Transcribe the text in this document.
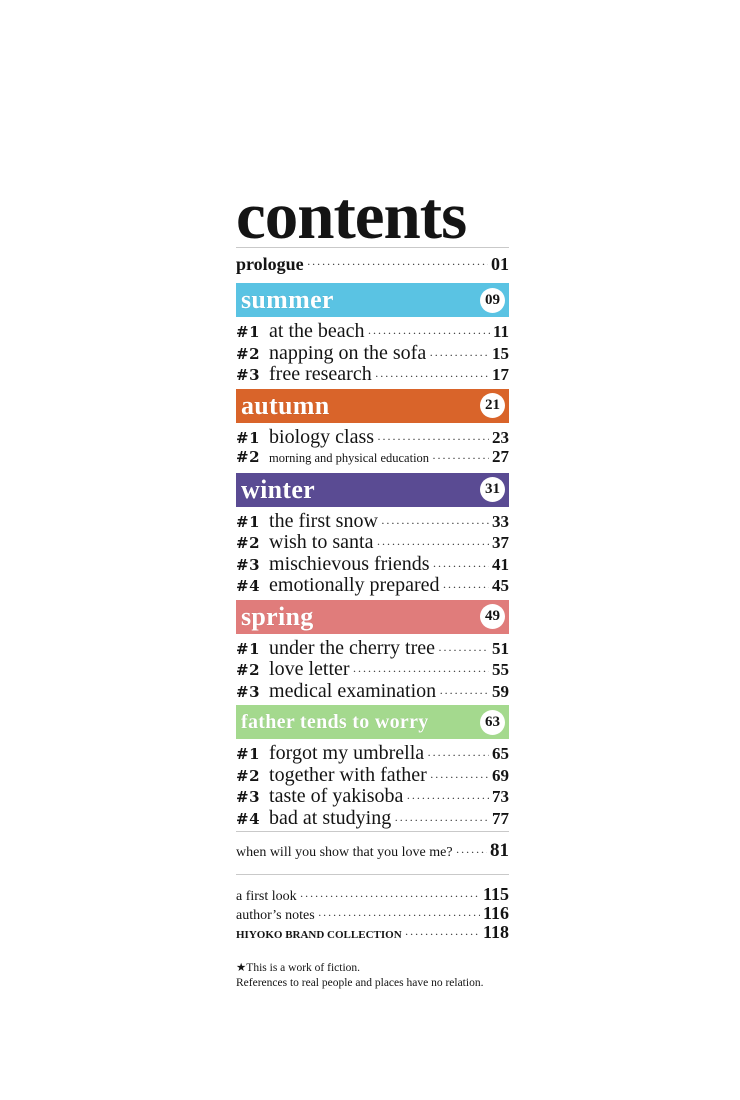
contents
prologue ·····	01
summer	09
#1 at the beach ·····	11
#2 napping on the sofa ·····	15
#3 free research ·····	17
autumn	21
#1 biology class ·····	23
#2 morning and physical education ·····	27
winter	31
#1 the first snow ·····	33
#2 wish to santa ·····	37
#3 mischievous friends ·····	41
#4 emotionally prepared ·····	45
spring	49
#1 under the cherry tree ·····	51
#2 love letter ·····	55
#3 medical examination ·····	59
father tends to worry	63
#1 forgot my umbrella ·····	65
#2 together with father ·····	69
#3 taste of yakisoba ·····	73
#4 bad at studying ·····	77
when will you show that you love me? ····· 81
a first look ·····	115
author’s notes ·····	116
HIYOKO BRAND COLLECTION ·····	118
★This is a work of fiction.
References to real people and places have no relation.
